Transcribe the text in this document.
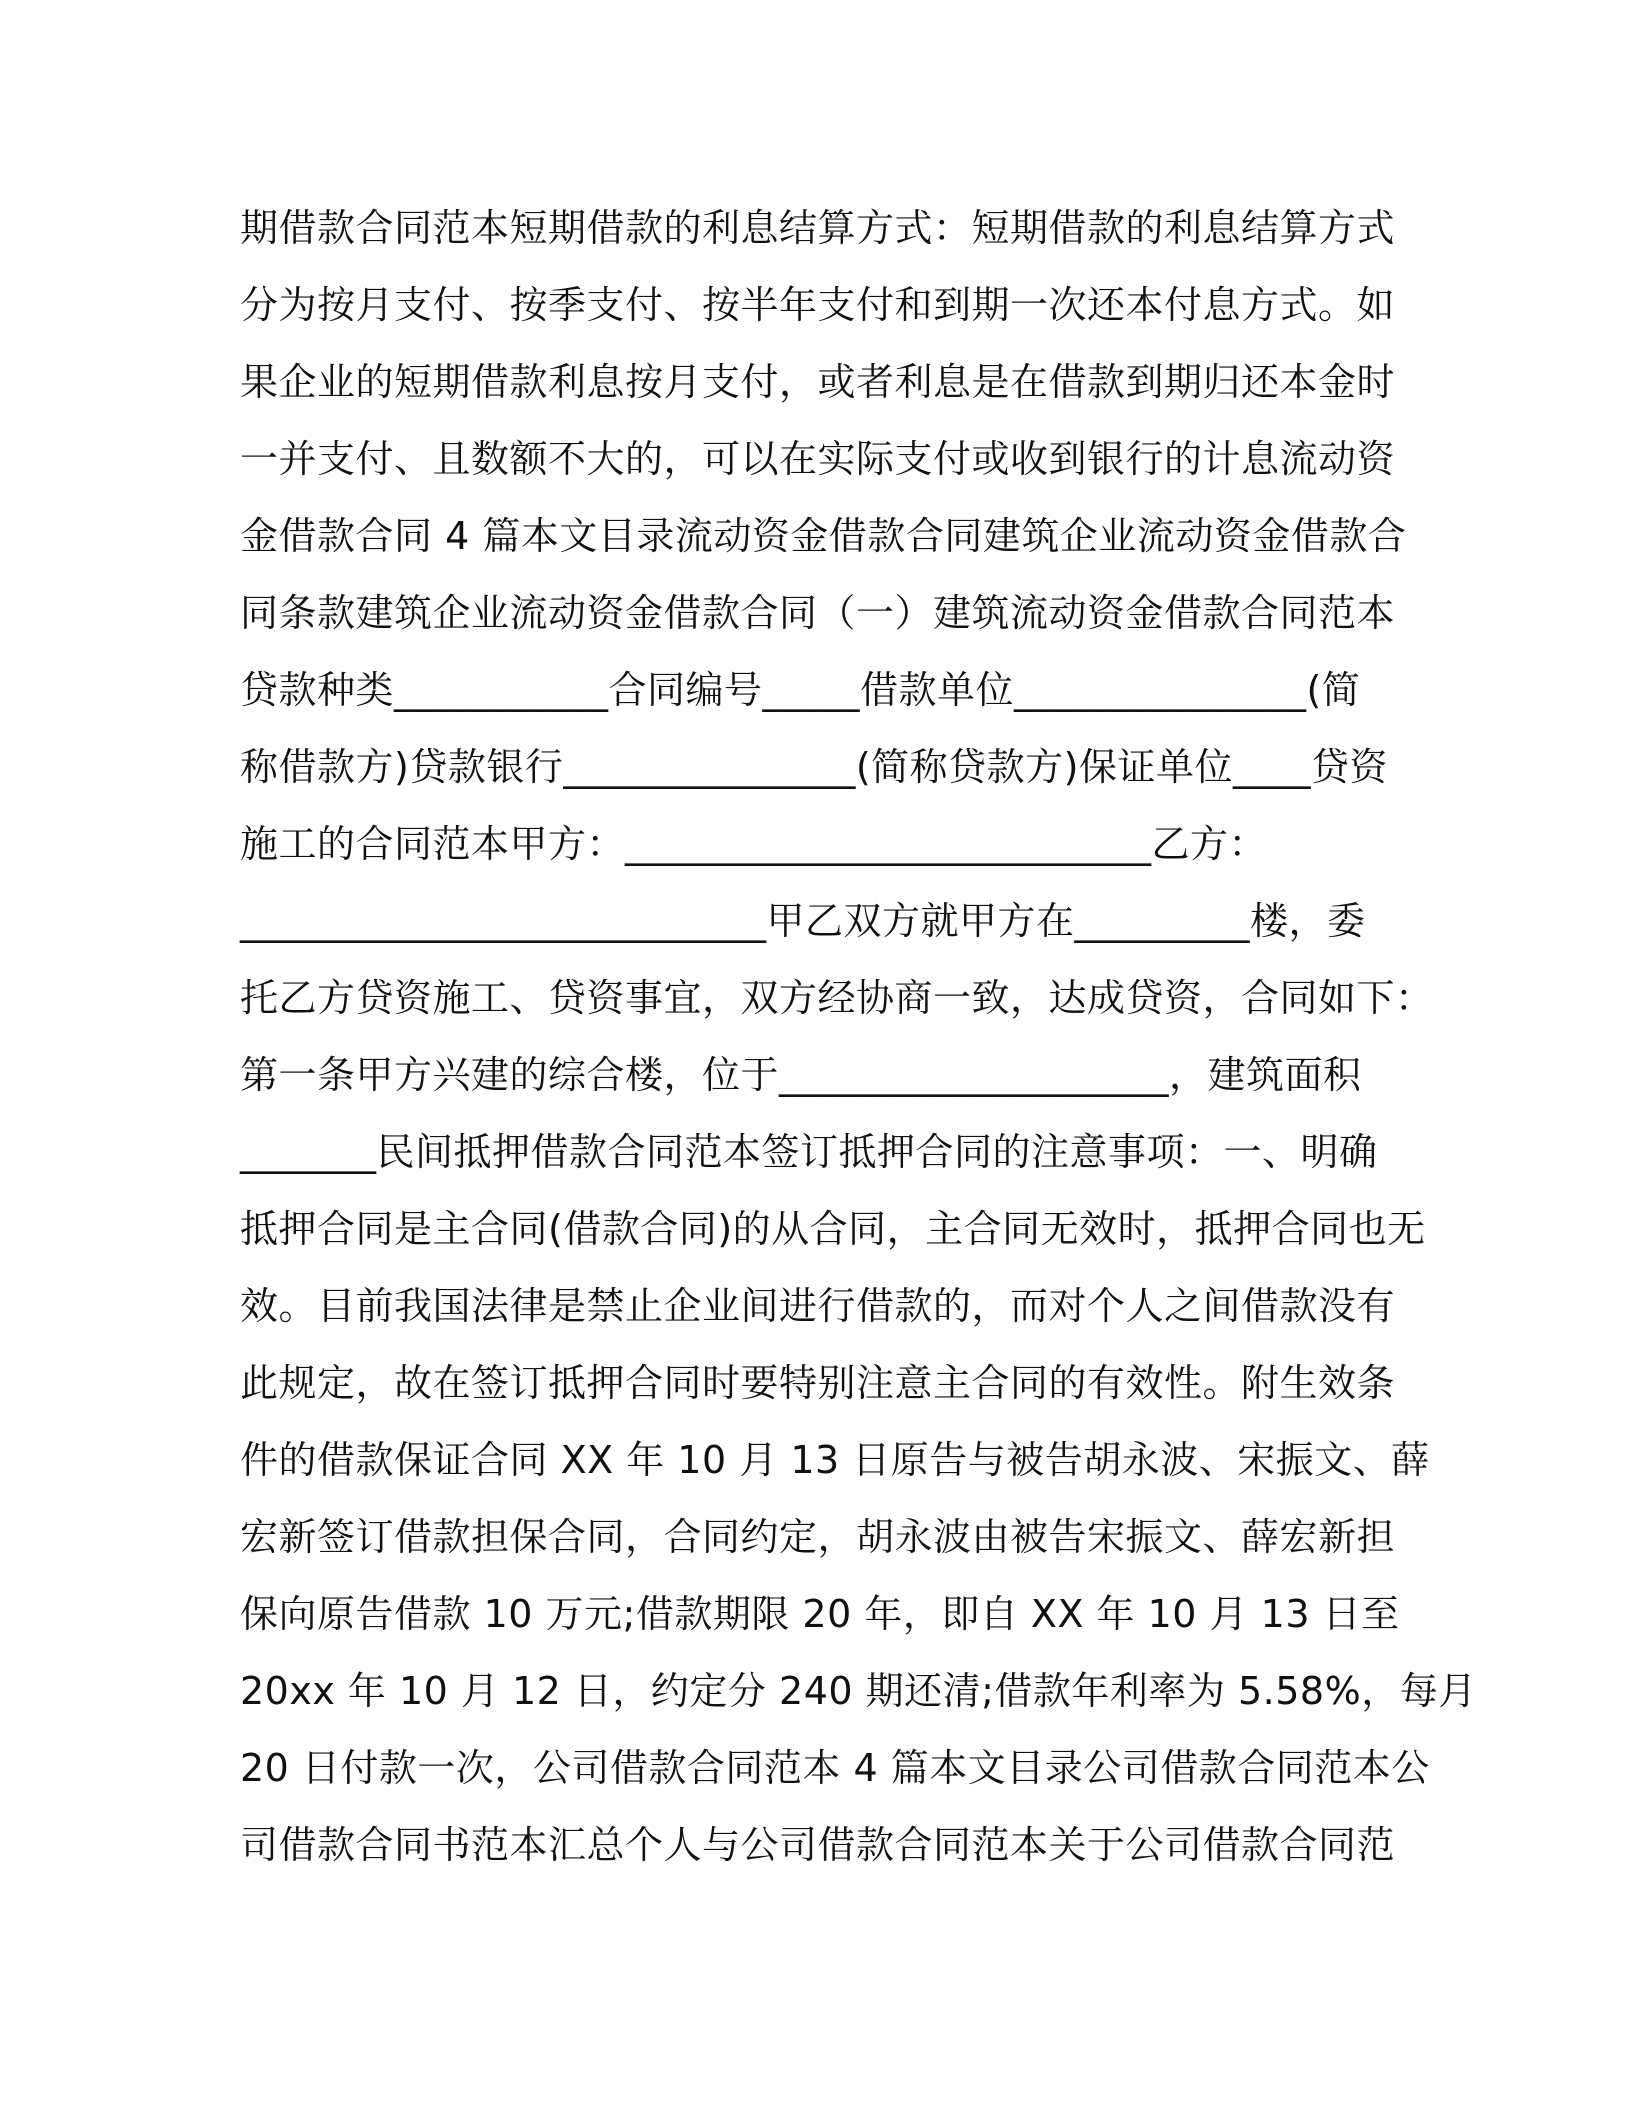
期借款合同范本短期借款的利息结算方式：短期借款的利息结算方式
分为按月支付、按季支付、按半年支付和到期一次还本付息方式。如
果企业的短期借款利息按月支付，或者利息是在借款到期归还本金时
一并支付、且数额不大的，可以在实际支付或收到银行的计息流动资
金借款合同 4 篇本文目录流动资金借款合同建筑企业流动资金借款合
同条款建筑企业流动资金借款合同（一）建筑流动资金借款合同范本
贷款种类___________合同编号_____借款单位_______________(简
称借款方)贷款银行_______________(简称贷款方)保证单位____贷资
施工的合同范本甲方：___________________________乙方：
___________________________甲乙双方就甲方在_________楼，委
托乙方贷资施工、贷资事宜，双方经协商一致，达成贷资，合同如下：
第一条甲方兴建的综合楼，位于____________________，建筑面积
_______民间抵押借款合同范本签订抵押合同的注意事项：一、明确
抵押合同是主合同(借款合同)的从合同，主合同无效时，抵押合同也无
效。目前我国法律是禁止企业间进行借款的，而对个人之间借款没有
此规定，故在签订抵押合同时要特别注意主合同的有效性。附生效条
件的借款保证合同 XX 年 10 月 13 日原告与被告胡永波、宋振文、薛
宏新签订借款担保合同，合同约定，胡永波由被告宋振文、薛宏新担
保向原告借款 10 万元;借款期限 20 年，即自 XX 年 10 月 13 日至
20xx 年 10 月 12 日，约定分 240 期还清;借款年利率为 5.58%，每月
20 日付款一次，公司借款合同范本 4 篇本文目录公司借款合同范本公
司借款合同书范本汇总个人与公司借款合同范本关于公司借款合同范
